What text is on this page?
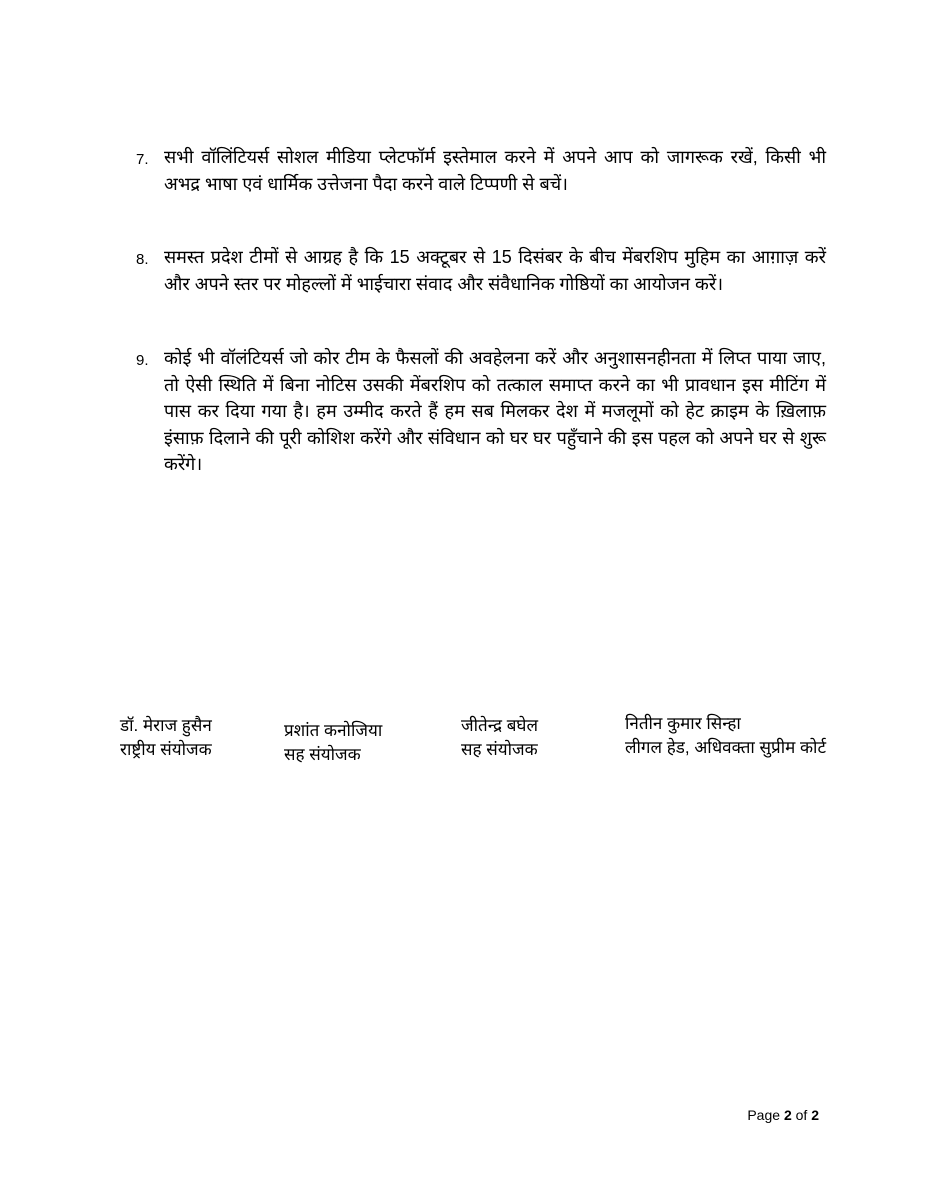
7. सभी वॉलिंटियर्स सोशल मीडिया प्लेटफॉर्म इस्तेमाल करने में अपने आप को जागरूक रखें, किसी भी अभद्र भाषा एवं धार्मिक उत्तेजना पैदा करने वाले टिप्पणी से बचें।
8. समस्त प्रदेश टीमों से आग्रह है कि 15 अक्टूबर से 15 दिसंबर के बीच मेंबरशिप मुहिम का आग़ाज़ करें और अपने स्तर पर मोहल्लों में भाईचारा संवाद और संवैधानिक गोष्ठियों का आयोजन करें।
9. कोई भी वॉलंटियर्स जो कोर टीम के फैसलों की अवहेलना करें और अनुशासनहीनता में लिप्त पाया जाए, तो ऐसी स्थिति में बिना नोटिस उसकी मेंबरशिप को तत्काल समाप्त करने का भी प्रावधान इस मीटिंग में पास कर दिया गया है। हम उम्मीद करते हैं हम सब मिलकर देश में मजलूमों को हेट क्राइम के ख़िलाफ़ इंसाफ़ दिलाने की पूरी कोशिश करेंगे और संविधान को घर घर पहुँचाने की इस पहल को अपने घर से शुरू करेंगे।
डॉ. मेराज हुसैन
राष्ट्रीय संयोजक
प्रशांत कनोजिया
सह संयोजक
जीतेन्द्र बघेल
सह संयोजक
नितीन कुमार सिन्हा
लीगल हेड, अधिवक्ता सुप्रीम कोर्ट
Page 2 of 2
